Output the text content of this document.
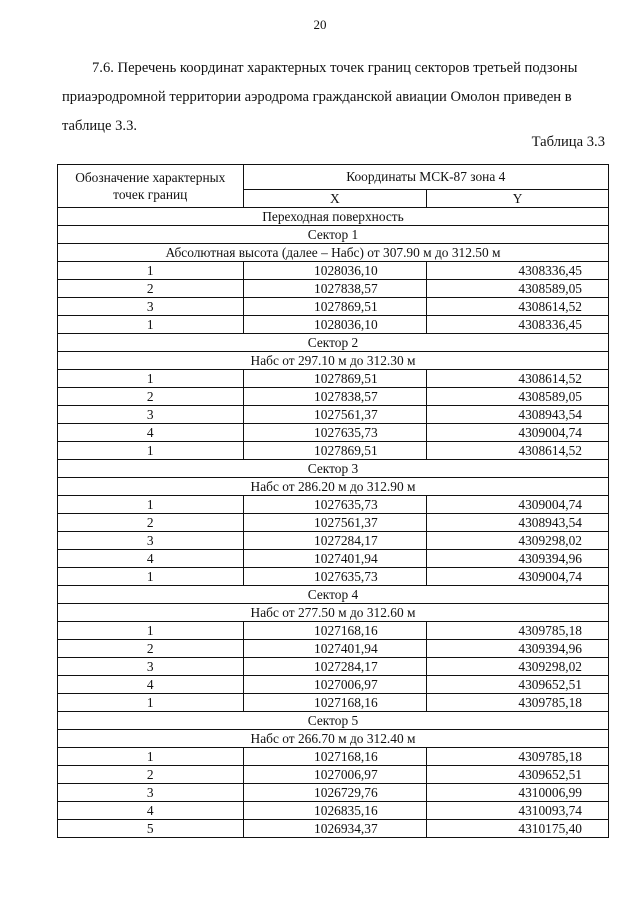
20

7.6. Перечень координат характерных точек границ секторов третьей подзоны

приаэродромной территории аэродрома гражданской авиации Омолон приведен в

таблице 3.3.

Таблица 3.3
Обозначение характерных точек границ	Координаты МСК-87 зона 4	
	X	Y
Переходная поверхность		
Сектор 1		
Абсолютная высота (далее – Набс) от 307.90 м до 312.50 м		
1	1028036,10	4308336,45
2	1027838,57	4308589,05
3	1027869,51	4308614,52
1	1028036,10	4308336,45
Сектор 2		
Набс от 297.10 м до 312.30 м		
1	1027869,51	4308614,52
2	1027838,57	4308589,05
3	1027561,37	4308943,54
4	1027635,73	4309004,74
1	1027869,51	4308614,52
Сектор 3		
Набс от 286.20 м до 312.90 м		
1	1027635,73	4309004,74
2	1027561,37	4308943,54
3	1027284,17	4309298,02
4	1027401,94	4309394,96
1	1027635,73	4309004,74
Сектор 4		
Набс от 277.50 м до 312.60 м		
1	1027168,16	4309785,18
2	1027401,94	4309394,96
3	1027284,17	4309298,02
4	1027006,97	4309652,51
1	1027168,16	4309785,18
Сектор 5		
Набс от 266.70 м до 312.40 м		
1	1027168,16	4309785,18
2	1027006,97	4309652,51
3	1026729,76	4310006,99
4	1026835,16	4310093,74
5	1026934,37	4310175,40
